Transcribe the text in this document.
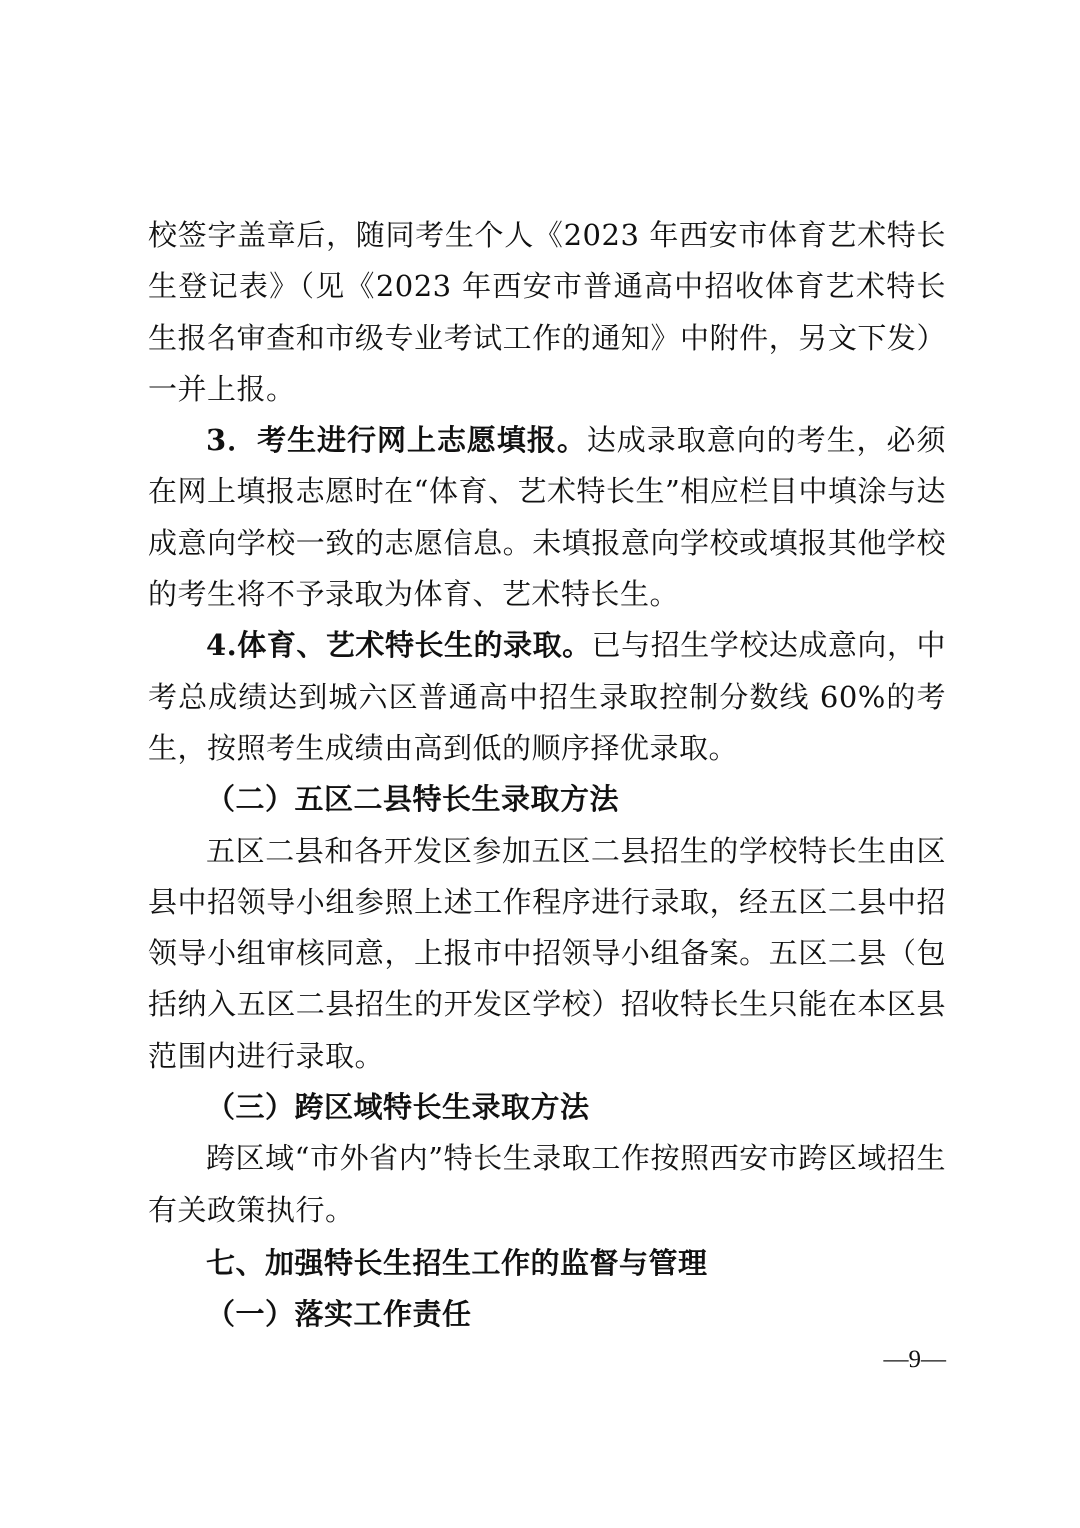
校签字盖章后，随同考生个人《2023 年西安市体育艺术特长生登记表》（见《2023 年西安市普通高中招收体育艺术特长生报名审查和市级专业考试工作的通知》中附件，另文下发）一并上报。

3．考生进行网上志愿填报。达成录取意向的考生，必须在网上填报志愿时在“体育、艺术特长生”相应栏目中填涂与达成意向学校一致的志愿信息。未填报意向学校或填报其他学校的考生将不予录取为体育、艺术特长生。

4.体育、艺术特长生的录取。已与招生学校达成意向，中考总成绩达到城六区普通高中招生录取控制分数线 60%的考生，按照考生成绩由高到低的顺序择优录取。

（二）五区二县特长生录取方法

五区二县和各开发区参加五区二县招生的学校特长生由区县中招领导小组参照上述工作程序进行录取，经五区二县中招领导小组审核同意，上报市中招领导小组备案。五区二县（包括纳入五区二县招生的开发区学校）招收特长生只能在本区县范围内进行录取。

（三）跨区域特长生录取方法

跨区域“市外省内”特长生录取工作按照西安市跨区域招生有关政策执行。

七、加强特长生招生工作的监督与管理

（一）落实工作责任

—9—
